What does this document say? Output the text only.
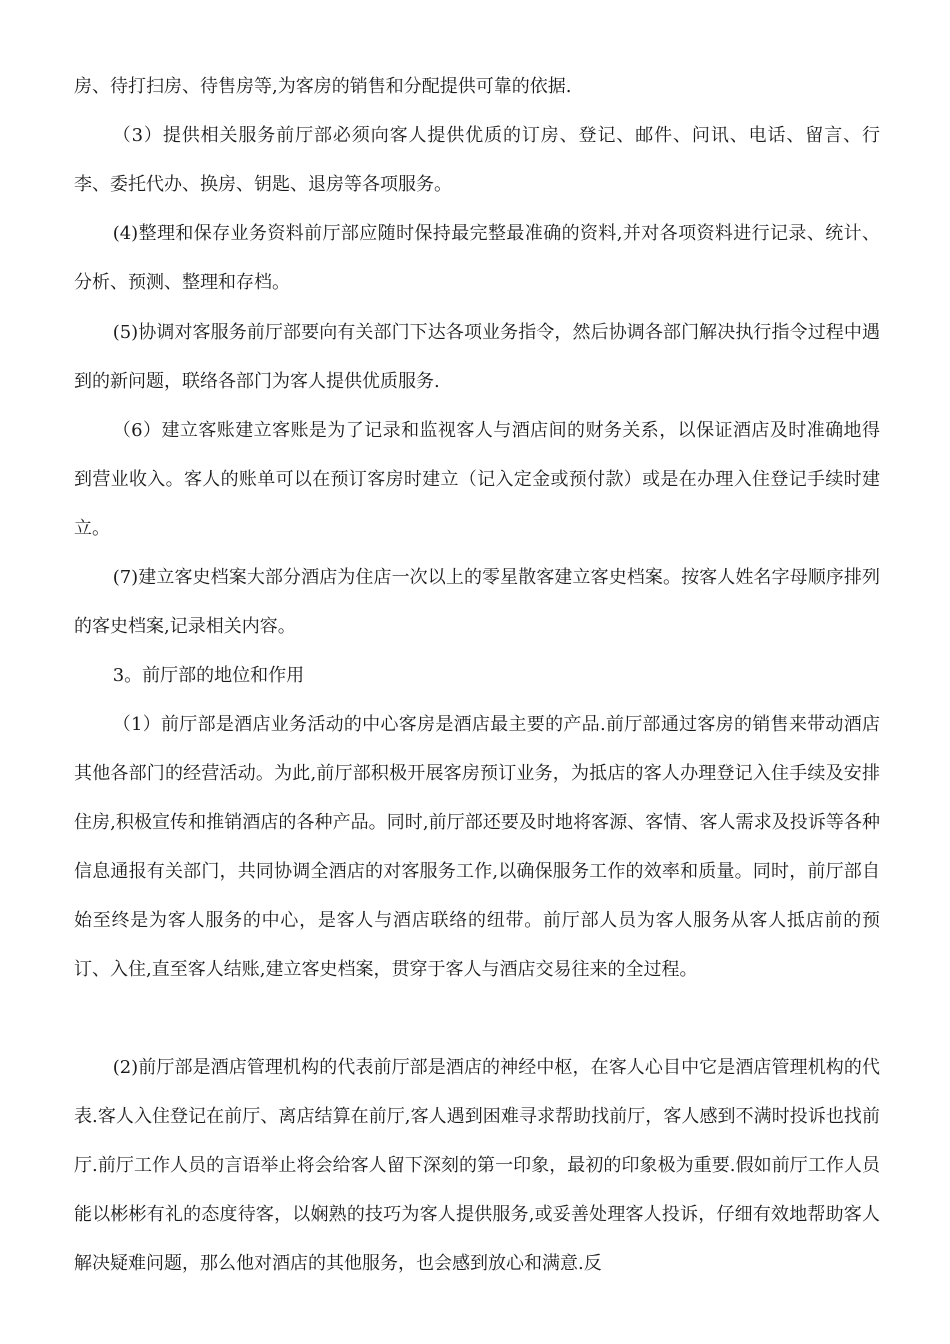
房、待打扫房、待售房等,为客房的销售和分配提供可靠的依据.

（3）提供相关服务前厅部必须向客人提供优质的订房、登记、邮件、问讯、电话、留言、行李、委托代办、换房、钥匙、退房等各项服务。

(4)整理和保存业务资料前厅部应随时保持最完整最准确的资料,并对各项资料进行记录、统计、分析、预测、整理和存档。

(5)协调对客服务前厅部要向有关部门下达各项业务指令，然后协调各部门解决执行指令过程中遇到的新问题，联络各部门为客人提供优质服务.

（6）建立客账建立客账是为了记录和监视客人与酒店间的财务关系，以保证酒店及时准确地得到营业收入。客人的账单可以在预订客房时建立（记入定金或预付款）或是在办理入住登记手续时建立。

(7)建立客史档案大部分酒店为住店一次以上的零星散客建立客史档案。按客人姓名字母顺序排列的客史档案,记录相关内容。

3。前厅部的地位和作用

（1）前厅部是酒店业务活动的中心客房是酒店最主要的产品.前厅部通过客房的销售来带动酒店其他各部门的经营活动。为此,前厅部积极开展客房预订业务，为抵店的客人办理登记入住手续及安排住房,积极宣传和推销酒店的各种产品。同时,前厅部还要及时地将客源、客情、客人需求及投诉等各种信息通报有关部门，共同协调全酒店的对客服务工作,以确保服务工作的效率和质量。同时，前厅部自始至终是为客人服务的中心，是客人与酒店联络的纽带。前厅部人员为客人服务从客人抵店前的预订、入住,直至客人结账,建立客史档案，贯穿于客人与酒店交易往来的全过程。

(2)前厅部是酒店管理机构的代表前厅部是酒店的神经中枢，在客人心目中它是酒店管理机构的代表.客人入住登记在前厅、离店结算在前厅,客人遇到困难寻求帮助找前厅，客人感到不满时投诉也找前厅.前厅工作人员的言语举止将会给客人留下深刻的第一印象，最初的印象极为重要.假如前厅工作人员能以彬彬有礼的态度待客，以娴熟的技巧为客人提供服务,或妥善处理客人投诉，仔细有效地帮助客人解决疑难问题，那么他对酒店的其他服务，也会感到放心和满意.反
